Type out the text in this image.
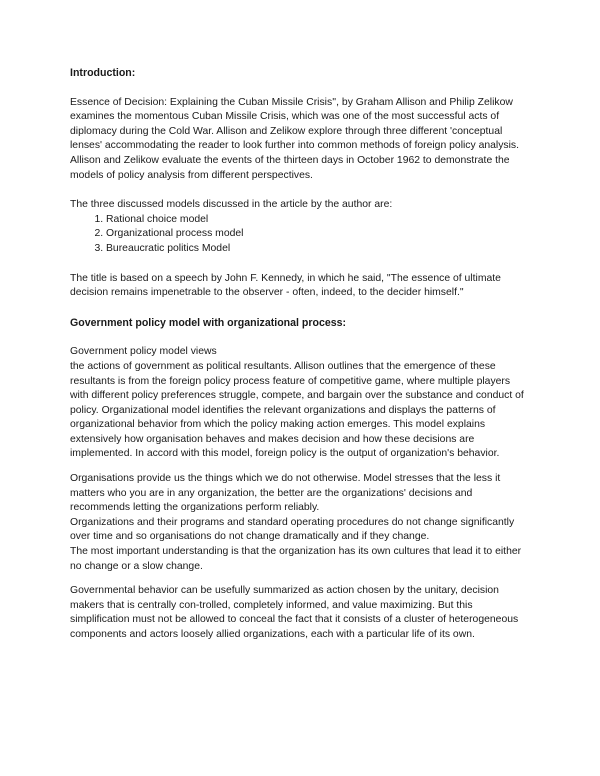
Introduction:

Essence of Decision: Explaining the Cuban Missile Crisis'', by Graham Allison and Philip Zelikow examines the momentous Cuban Missile Crisis, which was one of the most successful acts of diplomacy during the Cold War. Allison and Zelikow explore through three different 'conceptual lenses' accommodating the reader to look further into common methods of foreign policy analysis.

Allison and Zelikow evaluate the events of the thirteen days in October 1962 to demonstrate the models of policy analysis from different perspectives.

The three discussed models discussed in the article by the author are:

1. Rational choice model
2. Organizational process model
3. Bureaucratic politics Model

The title is based on a speech by John F. Kennedy, in which he said, "The essence of ultimate decision remains impenetrable to the observer - often, indeed, to the decider himself."

Government policy model with organizational process:

Government policy model views

the actions of government as political resultants. Allison outlines that the emergence of these resultants is from the foreign policy process feature of competitive game, where multiple players with different policy preferences struggle, compete, and bargain over the substance and conduct of policy. Organizational model identifies the relevant organizations and displays the patterns of organizational behavior from which the policy making action emerges. This model explains extensively how organisation behaves and makes decision and how these decisions are implemented. In accord with this model, foreign policy is the output of organization's behavior.

Organisations provide us the things which we do not otherwise. Model stresses that the less it matters who you are in any organization, the better are the organizations' decisions and recommends letting the organizations perform reliably.

Organizations and their programs and standard operating procedures do not change significantly over time and so organisations do not change dramatically and if they change.

The most important understanding is that the organization has its own cultures that lead it to either no change or a slow change.

Governmental behavior can be usefully summarized as action chosen by the unitary, decision makers that is centrally con-trolled, completely informed, and value maximizing. But this simplification must not be allowed to conceal the fact that it consists of a cluster of heterogeneous components and actors loosely allied organizations, each with a particular life of its own.
